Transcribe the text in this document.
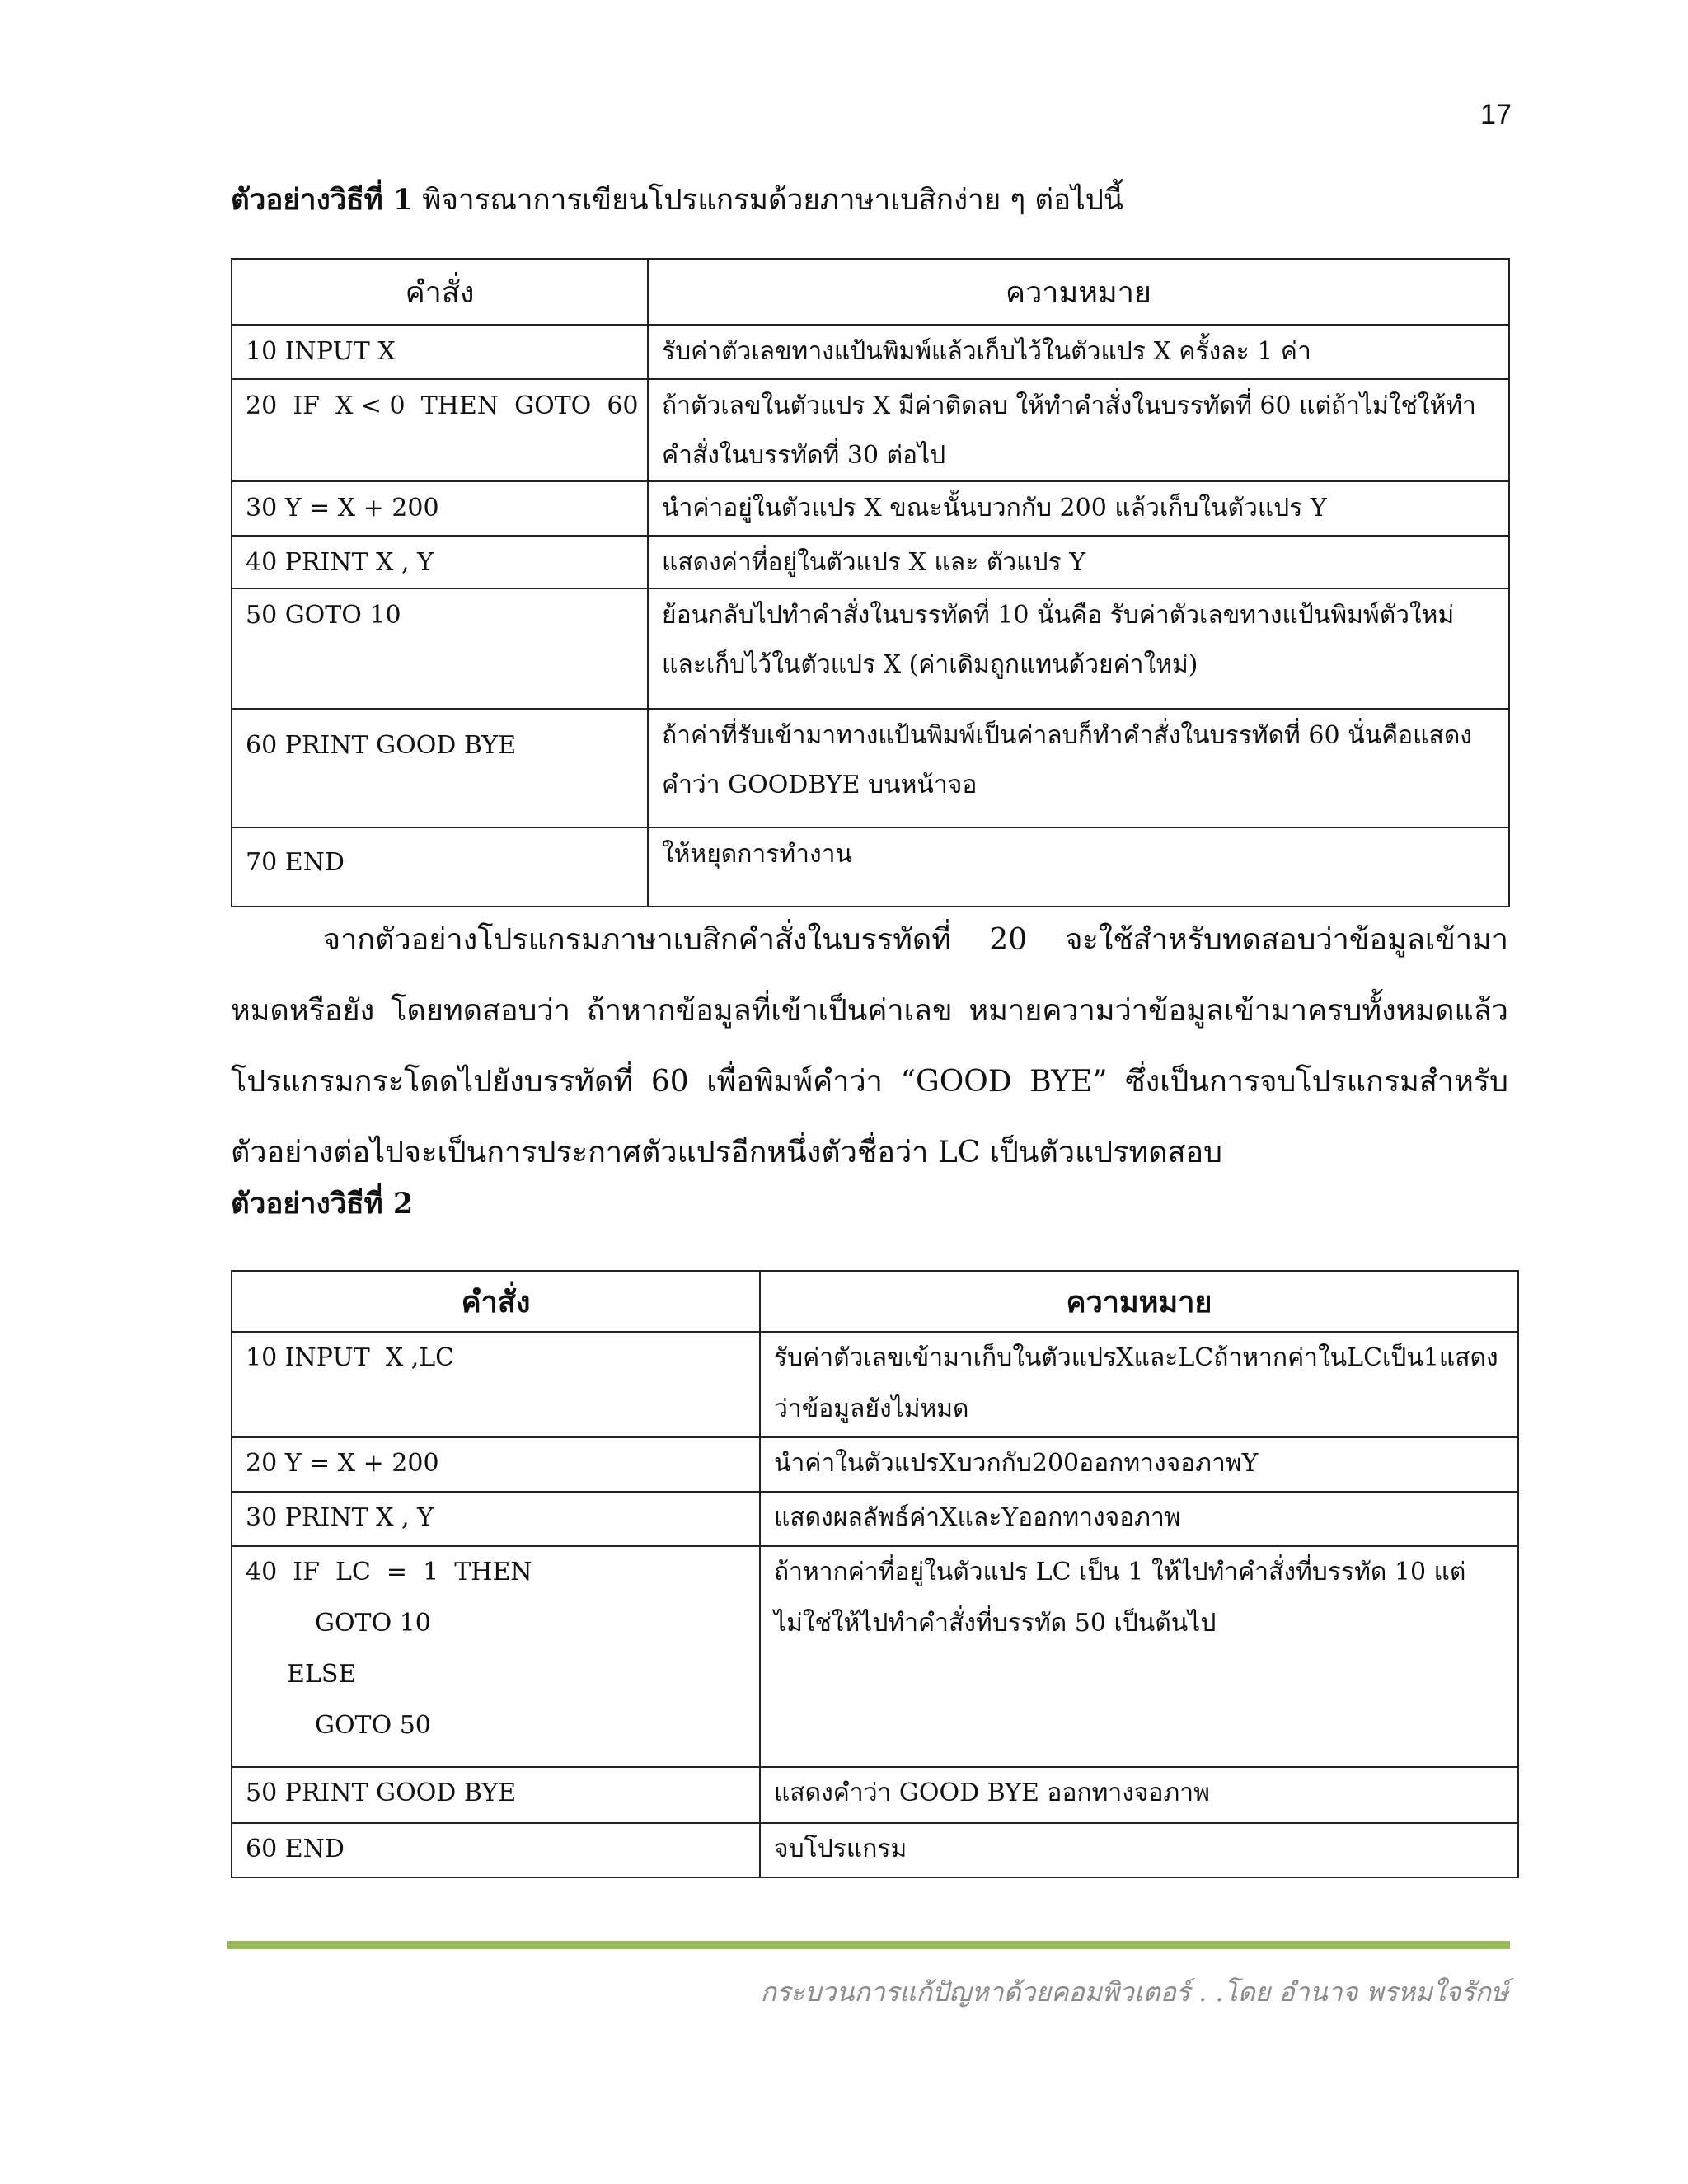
17
ตัวอย่างวิธีที่ 1 พิจารณาการเขียนโปรแกรมด้วยภาษาเบสิกง่าย ๆ ต่อไปนี้
คำสั่ง	ความหมาย
10 INPUT X	รับค่าตัวเลขทางแป้นพิมพ์แล้วเก็บไว้ในตัวแปร X ครั้งละ 1 ค่า
20  IF  X < 0  THEN  GOTO  60	ถ้าตัวเลขในตัวแปร X มีค่าติดลบ ให้ทำคำสั่งในบรรทัดที่ 60 แต่ถ้าไม่ใช่ให้ทำคำสั่งในบรรทัดที่ 30 ต่อไป
30 Y = X + 200	นำค่าอยู่ในตัวแปร X ขณะนั้นบวกกับ 200 แล้วเก็บในตัวแปร Y
40 PRINT X , Y	แสดงค่าที่อยู่ในตัวแปร X และ ตัวแปร Y
50 GOTO 10	ย้อนกลับไปทำคำสั่งในบรรทัดที่ 10 นั่นคือ รับค่าตัวเลขทางแป้นพิมพ์ตัวใหม่และเก็บไว้ในตัวแปร X (ค่าเดิมถูกแทนด้วยค่าใหม่)
60 PRINT GOOD BYE	ถ้าค่าที่รับเข้ามาทางแป้นพิมพ์เป็นค่าลบก็ทำคำสั่งในบรรทัดที่ 60 นั่นคือแสดงคำว่า GOODBYE บนหน้าจอ
70 END	ให้หยุดการทำงาน
จากตัวอย่างโปรแกรมภาษาเบสิกคำสั่งในบรรทัดที่ 20 จะใช้สำหรับทดสอบว่าข้อมูลเข้ามาหมดหรือยัง โดยทดสอบว่า ถ้าหากข้อมูลที่เข้าเป็นค่าเลข หมายความว่าข้อมูลเข้ามาครบทั้งหมดแล้วโปรแกรมกระโดดไปยังบรรทัดที่ 60 เพื่อพิมพ์คำว่า “GOOD BYE” ซึ่งเป็นการจบโปรแกรมสำหรับตัวอย่างต่อไปจะเป็นการประกาศตัวแปรอีกหนึ่งตัวชื่อว่า LC เป็นตัวแปรทดสอบ
ตัวอย่างวิธีที่ 2
คำสั่ง	ความหมาย

10 INPUT  X ,LC	รับค่าตัวเลขเข้ามาเก็บในตัวแปรXและLCถ้าหากค่าในLCเป็น1แสดงว่าข้อมูลยังไม่หมด

20 Y = X + 200	นำค่าในตัวแปรXบวกกับ200ออกทางจอภาพY

30 PRINT X , Y	แสดงผลลัพธ์ค่าXและYออกทางจอภาพ

40  IF  LC  =  1  THEN
GOTO 10
ELSE
GOTO 50	ถ้าหากค่าที่อยู่ในตัวแปร LC เป็น 1 ให้ไปทำคำสั่งที่บรรทัด 10 แต่ไม่ใช่ให้ไปทำคำสั่งที่บรรทัด 50 เป็นต้นไป

50 PRINT GOOD BYE	แสดงคำว่า GOOD BYE ออกทางจอภาพ

60 END	จบโปรแกรม
กระบวนการแก้ปัญหาด้วยคอมพิวเตอร์ . .โดย อำนาจ พรหมใจรักษ์
